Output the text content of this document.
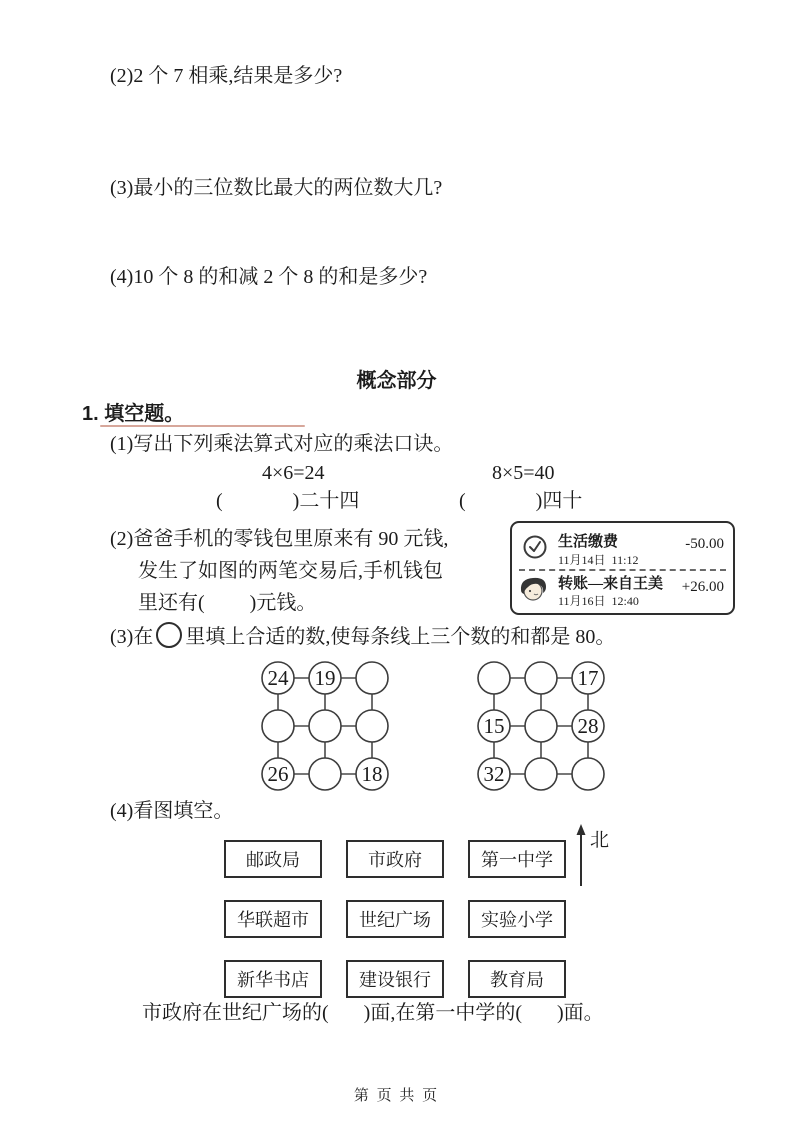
(2)2 个 7 相乘,结果是多少?
(3)最小的三位数比最大的两位数大几?
(4)10 个 8 的和减 2 个 8 的和是多少?
概念部分
1. 填空题。
(1)写出下列乘法算式对应的乘法口诀。
4×6=24	8×5=40
(              )二十四	(              )四十
(2)爸爸手机的零钱包里原来有 90 元钱,
发生了如图的两笔交易后,手机钱包
里还有(         )元钱。
生活缴费	-50.00
11月14日  11:12
转账—来自王美 +26.00
11月16日  12:40
(3)在 里填上合适的数,使每条线上三个数的和都是 80。
24 19
26	18
17
15	28
32
(4)看图填空。
邮政局	市政府	第一中学
华联超市	世纪广场	实验小学
新华书店	建设银行	教育局
北
市政府在世纪广场的(       )面,在第一中学的(       )面。
第 页 共 页
